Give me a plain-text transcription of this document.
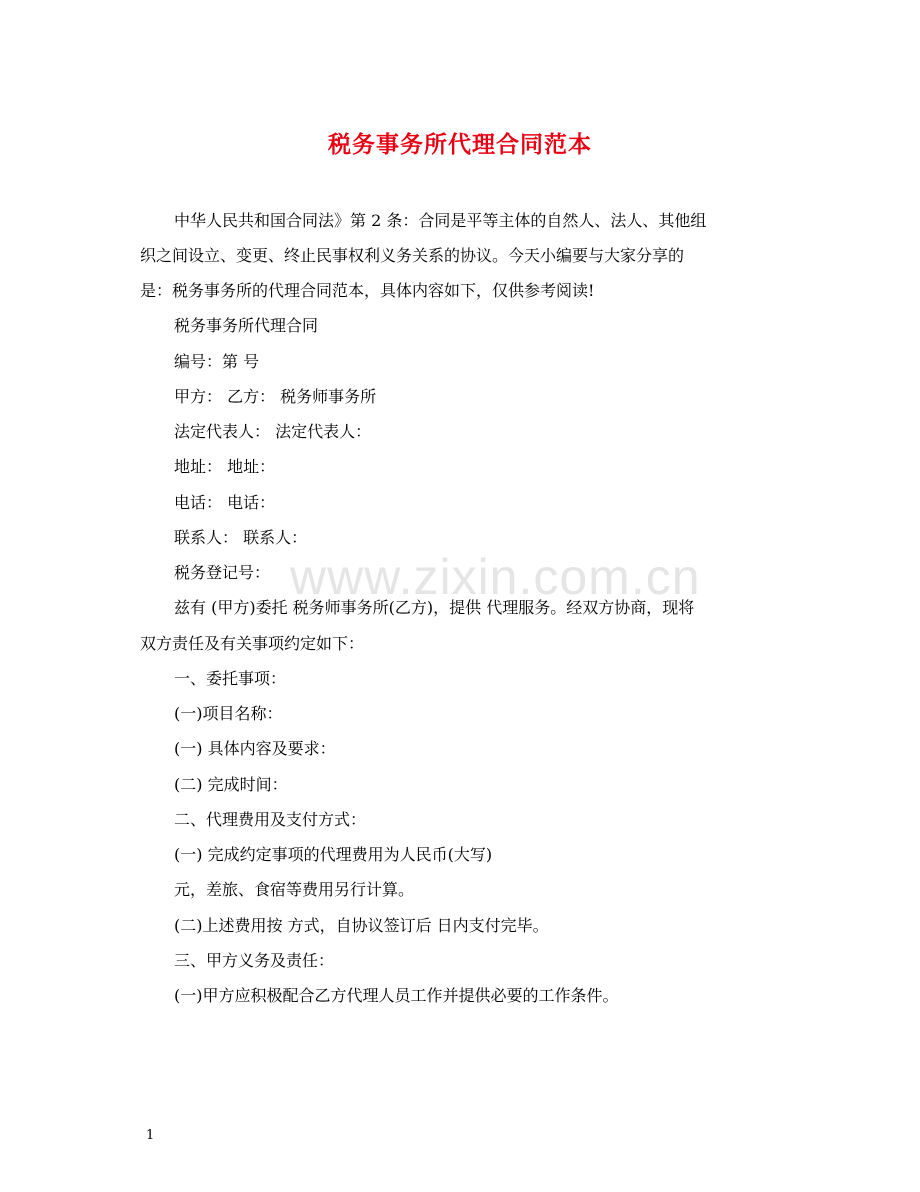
税务事务所代理合同范本
www.zixin.com.cn
中华人民共和国合同法》第 2 条：合同是平等主体的自然人、法人、其他组
织之间设立、变更、终止民事权利义务关系的协议。今天小编要与大家分享的
是：税务事务所的代理合同范本，具体内容如下，仅供参考阅读!
税务事务所代理合同
编号：第 号
甲方： 乙方： 税务师事务所
法定代表人： 法定代表人：
地址： 地址：
电话： 电话：
联系人： 联系人：
税务登记号：
兹有 (甲方)委托 税务师事务所(乙方)，提供 代理服务。经双方协商，现将
双方责任及有关事项约定如下：
一、委托事项：
(一)项目名称：
(一) 具体内容及要求：
(二) 完成时间：
二、代理费用及支付方式：
(一) 完成约定事项的代理费用为人民币(大写)
元，差旅、食宿等费用另行计算。
(二)上述费用按 方式，自协议签订后 日内支付完毕。
三、甲方义务及责任：
(一)甲方应积极配合乙方代理人员工作并提供必要的工作条件。
1
